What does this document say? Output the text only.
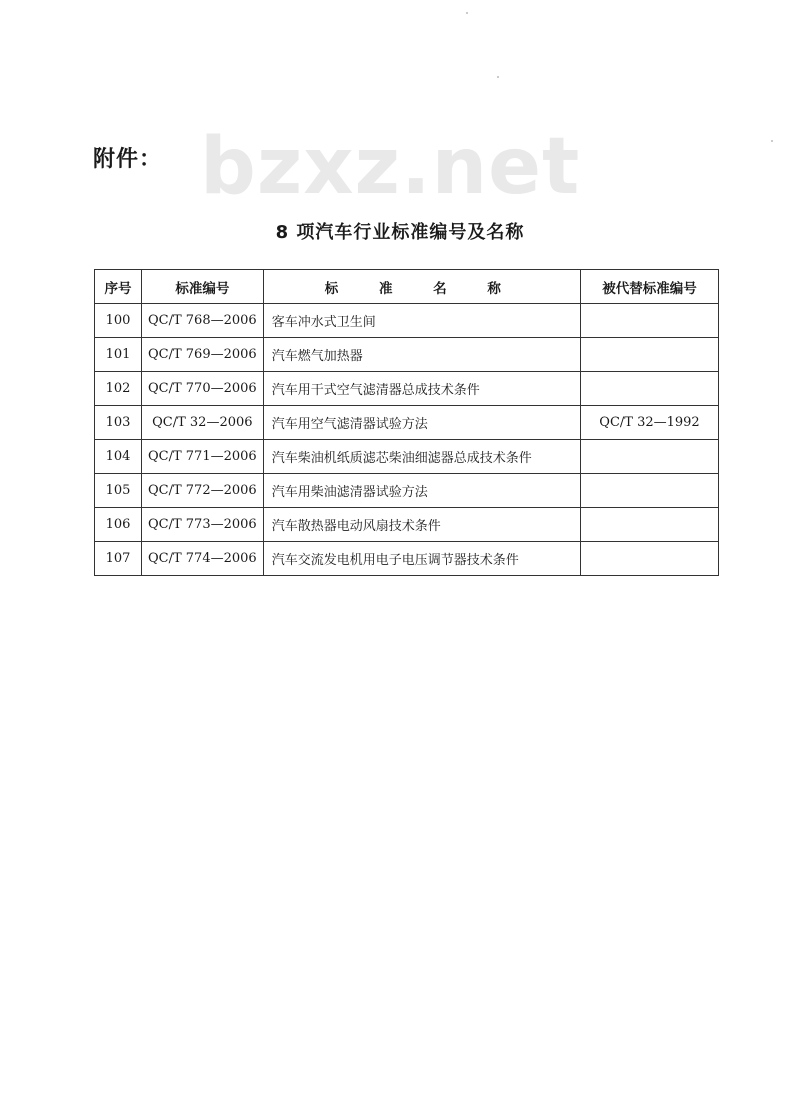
bzxz.net
附件：
8 项汽车行业标准编号及名称
序号	标准编号	标 准 名 称	被代替标准编号
100	QC/T 768—2006	客车冲水式卫生间	
101	QC/T 769—2006	汽车燃气加热器	
102	QC/T 770—2006	汽车用干式空气滤清器总成技术条件	
103	QC/T 32—2006	汽车用空气滤清器试验方法	QC/T 32—1992
104	QC/T 771—2006	汽车柴油机纸质滤芯柴油细滤器总成技术条件	
105	QC/T 772—2006	汽车用柴油滤清器试验方法	
106	QC/T 773—2006	汽车散热器电动风扇技术条件	
107	QC/T 774—2006	汽车交流发电机用电子电压调节器技术条件	
